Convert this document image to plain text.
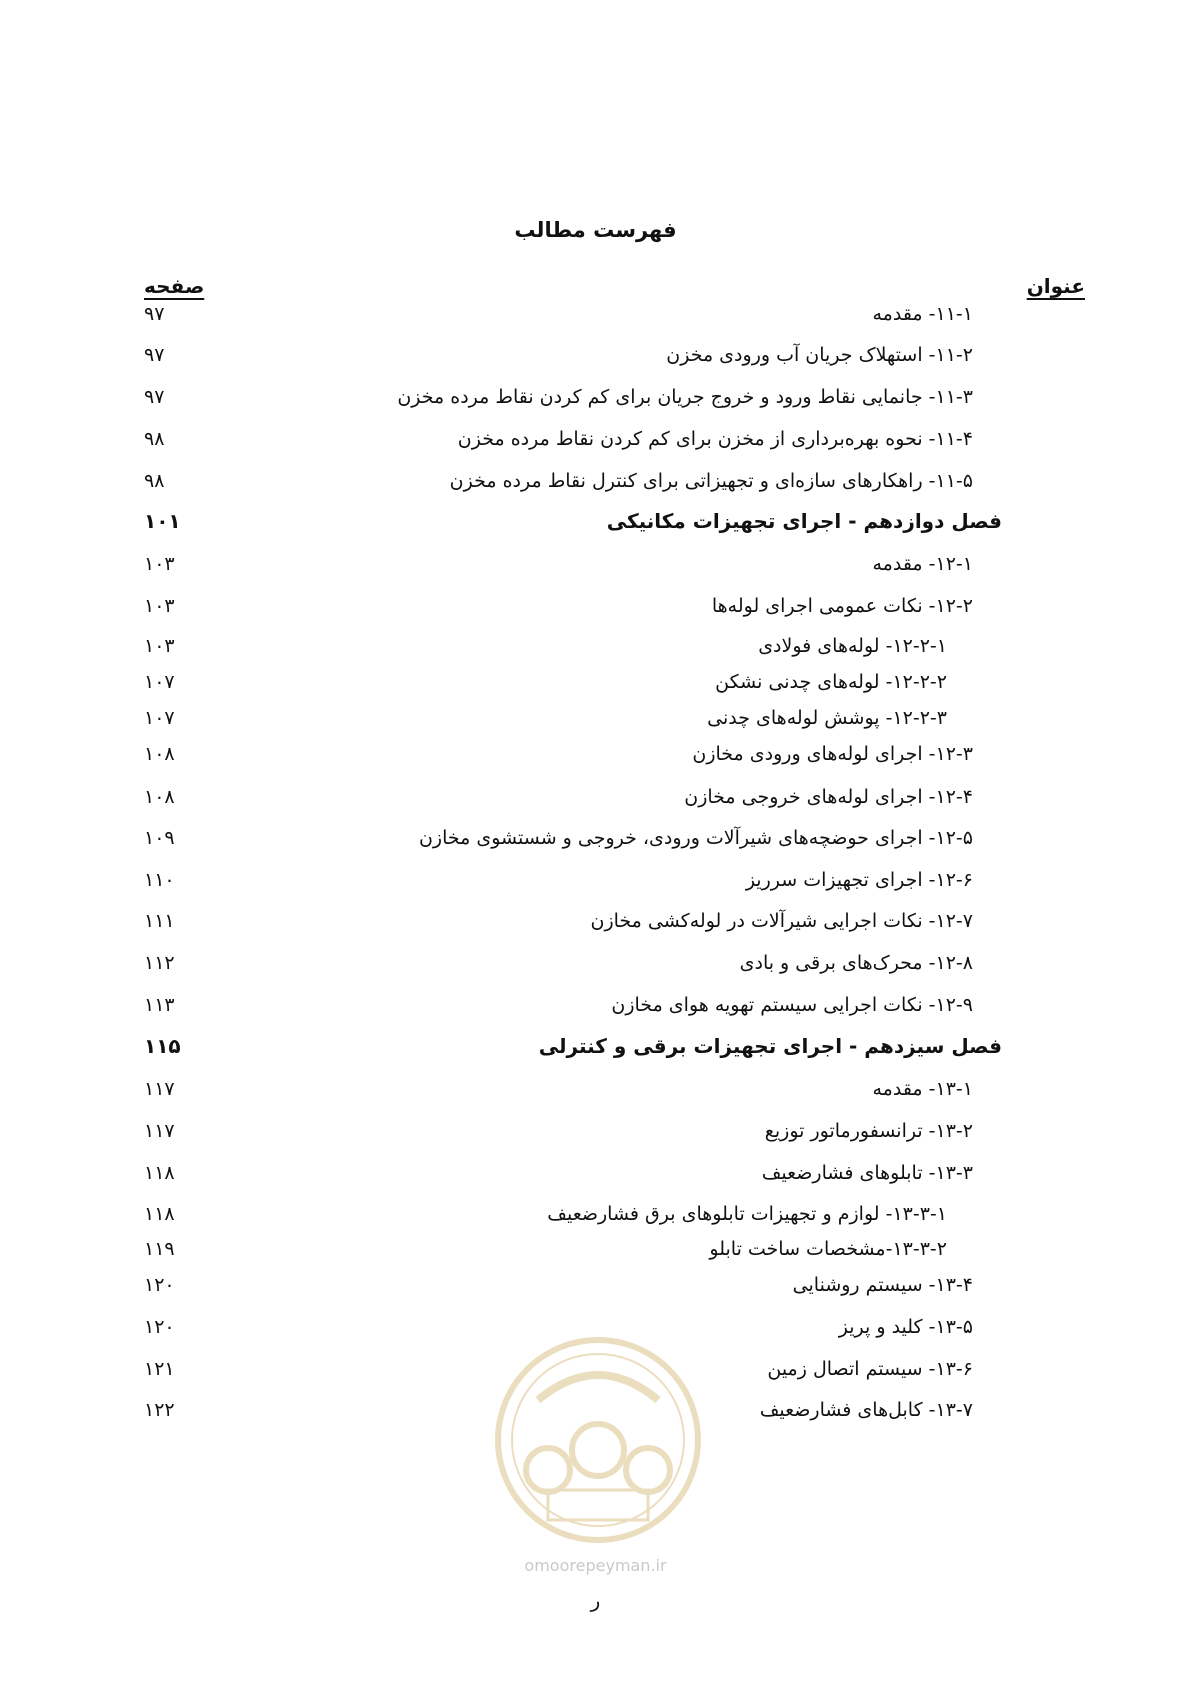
فهرست مطالب
عنوان
صفحه
۱۱-۱- مقدمه
۹۷
۱۱-۲- استهلاک جریان آب ورودی مخزن
۹۷
۱۱-۳- جانمایی نقاط ورود و خروج جریان برای کم کردن نقاط مرده مخزن
۹۷
۱۱-۴- نحوه بهره‌برداری از مخزن برای کم کردن نقاط مرده مخزن
۹۸
۱۱-۵- راهکارهای سازه‌ای و تجهیزاتی برای کنترل نقاط مرده مخزن
۹۸
فصل دوازدهم - اجرای تجهیزات مکانیکی
۱۰۱
۱۲-۱- مقدمه
۱۰۳
۱۲-۲- نکات عمومی اجرای لوله‌ها
۱۰۳
۱۲-۲-۱- لوله‌های فولادی
۱۰۳
۱۲-۲-۲- لوله‌های چدنی نشکن
۱۰۷
۱۲-۲-۳- پوشش لوله‌های چدنی
۱۰۷
۱۲-۳- اجرای لوله‌های ورودی مخازن
۱۰۸
۱۲-۴- اجرای لوله‌های خروجی مخازن
۱۰۸
۱۲-۵- اجرای حوضچه‌های شیرآلات ورودی، خروجی و شستشوی مخازن
۱۰۹
۱۲-۶- اجرای تجهیزات سرریز
۱۱۰
۱۲-۷- نکات اجرایی شیرآلات در لوله‌کشی مخازن
۱۱۱
۱۲-۸- محرک‌های برقی و بادی
۱۱۲
۱۲-۹- نکات اجرایی سیستم تهویه هوای مخازن
۱۱۳
فصل سیزدهم - اجرای تجهیزات برقی و کنترلی
۱۱۵
۱۳-۱- مقدمه
۱۱۷
۱۳-۲- ترانسفورماتور توزیع
۱۱۷
۱۳-۳- تابلوهای فشارضعیف
۱۱۸
۱۳-۳-۱- لوازم و تجهیزات تابلوهای برق فشارضعیف
۱۱۸
۱۳-۳-۲-مشخصات ساخت تابلو
۱۱۹
۱۳-۴- سیستم روشنایی
۱۲۰
۱۳-۵- کلید و پریز
۱۲۰
۱۳-۶- سیستم اتصال زمین
۱۲۱
۱۳-۷- کابل‌های فشارضعیف
۱۲۲
omoorepeyman.ir
ر
